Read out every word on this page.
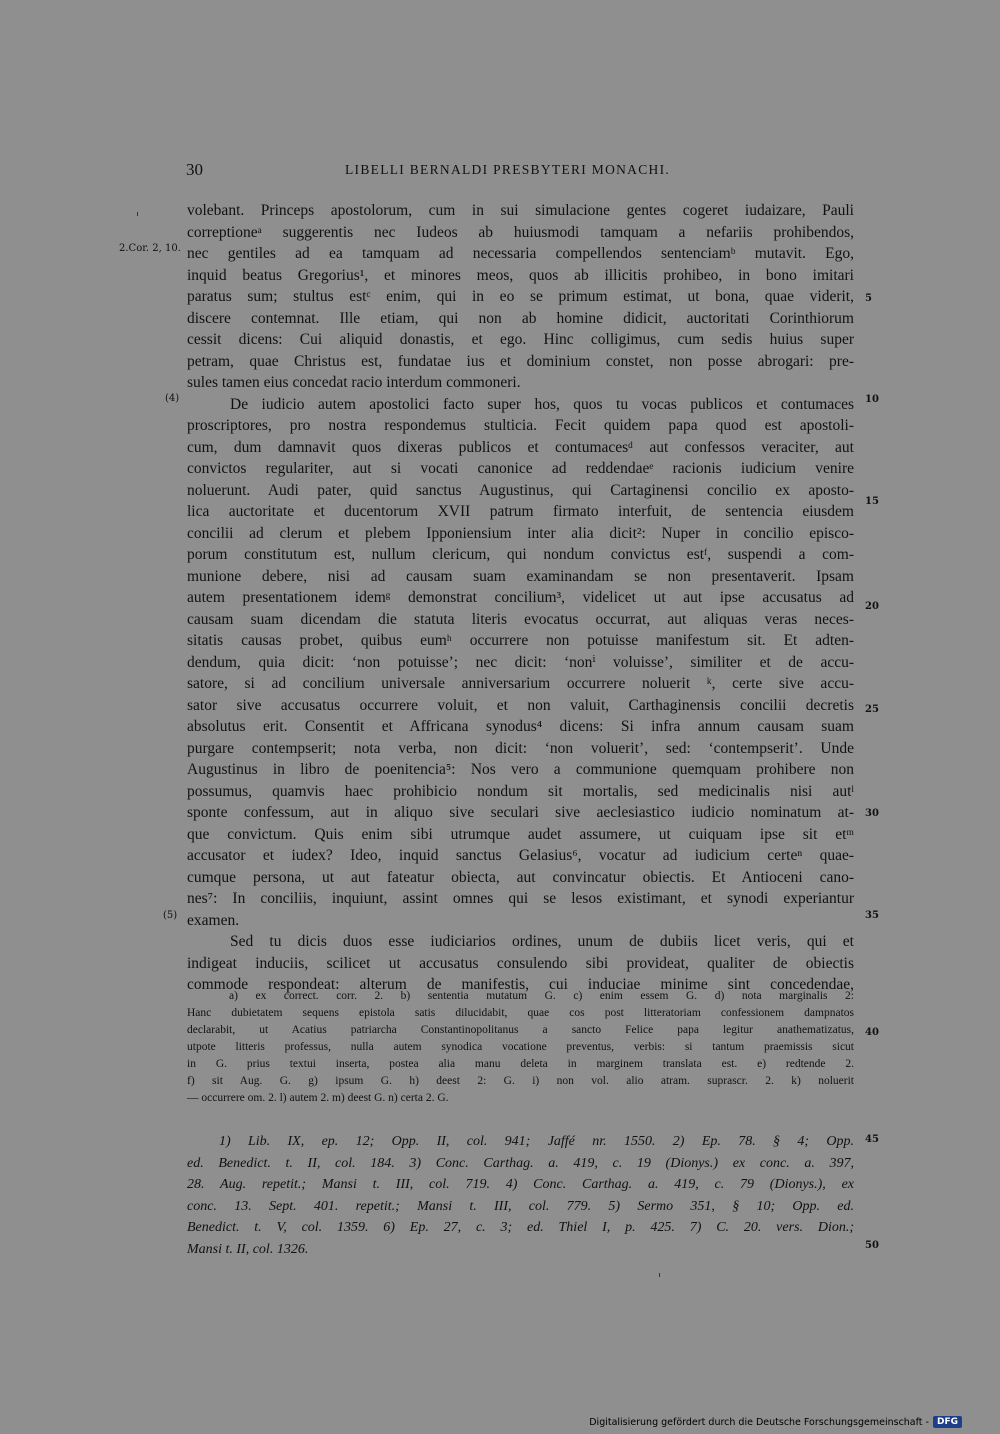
30	LIBELLI BERNALDI PRESBYTERI MONACHI.
2.Cor. 2, 10.
(4)
(5)
5
10
15
20
25
30
35
40
45
50
volebant. Princeps apostolorum, cum in sui simulacione gentes cogeret iudaizare, Pauli
correptioneᵃ suggerentis nec Iudeos ab huiusmodi tamquam a nefariis prohibendos,
nec gentiles ad ea tamquam ad necessaria compellendos sentenciamᵇ mutavit. Ego,
inquid beatus Gregorius¹, et minores meos, quos ab illicitis prohibeo, in bono imitari
paratus sum; stultus estᶜ enim, qui in eo se primum estimat, ut bona, quae viderit,
discere contemnat. Ille etiam, qui non ab homine didicit, auctoritati Corinthiorum
cessit dicens: Cui aliquid donastis, et ego. Hinc colligimus, cum sedis huius super
petram, quae Christus est, fundatae ius et dominium constet, non posse abrogari: pre-
sules tamen eius concedat racio interdum commoneri.
De iudicio autem apostolici facto super hos, quos tu vocas publicos et contumaces
proscriptores, pro nostra respondemus stulticia. Fecit quidem papa quod est apostoli-
cum, dum damnavit quos dixeras publicos et contumacesᵈ aut confessos veraciter, aut
convictos regulariter, aut si vocati canonice ad reddendaeᵉ racionis iudicium venire
noluerunt. Audi pater, quid sanctus Augustinus, qui Cartaginensi concilio ex aposto-
lica auctoritate et ducentorum XVII patrum firmato interfuit, de sentencia eiusdem
concilii ad clerum et plebem Ipponiensium inter alia dicit²: Nuper in concilio episco-
porum constitutum est, nullum clericum, qui nondum convictus estᶠ, suspendi a com-
munione debere, nisi ad causam suam examinandam se non presentaverit. Ipsam
autem presentationem idemᵍ demonstrat concilium³, videlicet ut aut ipse accusatus ad
causam suam dicendam die statuta literis evocatus occurrat, aut aliquas veras neces-
sitatis causas probet, quibus eumʰ occurrere non potuisse manifestum sit. Et adten-
dendum, quia dicit: ‘non potuisse’; nec dicit: ‘nonⁱ voluisse’, similiter et de accu-
satore, si ad concilium universale anniversarium occurrere noluerit ᵏ, certe sive accu-
sator sive accusatus occurrere voluit, et non valuit, Carthaginensis concilii decretis
absolutus erit. Consentit et Affricana synodus⁴ dicens: Si infra annum causam suam
purgare contempserit; nota verba, non dicit: ‘non voluerit’, sed: ‘contempserit’. Unde
Augustinus in libro de poenitencia⁵: Nos vero a communione quemquam prohibere non
possumus, quamvis haec prohibicio nondum sit mortalis, sed medicinalis nisi autˡ
sponte confessum, aut in aliquo sive seculari sive aeclesiastico iudicio nominatum at-
que convictum. Quis enim sibi utrumque audet assumere, ut cuiquam ipse sit etᵐ
accusator et iudex? Ideo, inquid sanctus Gelasius⁶, vocatur ad iudicium certeⁿ quae-
cumque persona, ut aut fateatur obiecta, aut convincatur obiectis. Et Antioceni cano-
nes⁷: In conciliis, inquiunt, assint omnes qui se lesos existimant, et synodi experiantur
examen.
Sed tu dicis duos esse iudiciarios ordines, unum de dubiis licet veris, qui et
indigeat induciis, scilicet ut accusatus consulendo sibi provideat, qualiter de obiectis
commode respondeat: alterum de manifestis, cui induciae minime sint concedendae,
a) ex correct. corr. 2. b) sententia mutatum G. c) enim essem G. d) nota marginalis 2:
Hanc dubietatem sequens epistola satis dilucidabit, quae cos post litteratoriam confessionem dampnatos
declarabit, ut Acatius patriarcha Constantinopolitanus a sancto Felice papa legitur anathematizatus,
utpote litteris professus, nulla autem synodica vocatione preventus, verbis: si tantum praemissis sicut
in G. prius textui inserta, postea alia manu deleta in marginem translata est. e) redtende 2.
f) sit Aug. G. g) ipsum G. h) deest 2: G. i) non vol. alio atram. suprascr. 2. k) noluerit
— occurrere om. 2. l) autem 2. m) deest G. n) certa 2. G.
1) Lib. IX, ep. 12; Opp. II, col. 941; Jaffé nr. 1550. 2) Ep. 78. § 4; Opp.
ed. Benedict. t. II, col. 184. 3) Conc. Carthag. a. 419, c. 19 (Dionys.) ex conc. a. 397,
28. Aug. repetit.; Mansi t. III, col. 719. 4) Conc. Carthag. a. 419, c. 79 (Dionys.), ex
conc. 13. Sept. 401. repetit.; Mansi t. III, col. 779. 5) Sermo 351, § 10; Opp. ed.
Benedict. t. V, col. 1359. 6) Ep. 27, c. 3; ed. Thiel I, p. 425. 7) C. 20. vers. Dion.;
Mansi t. II, col. 1326.
Digitalisierung gefördert durch die Deutsche Forschungsgemeinschaft - DFG
